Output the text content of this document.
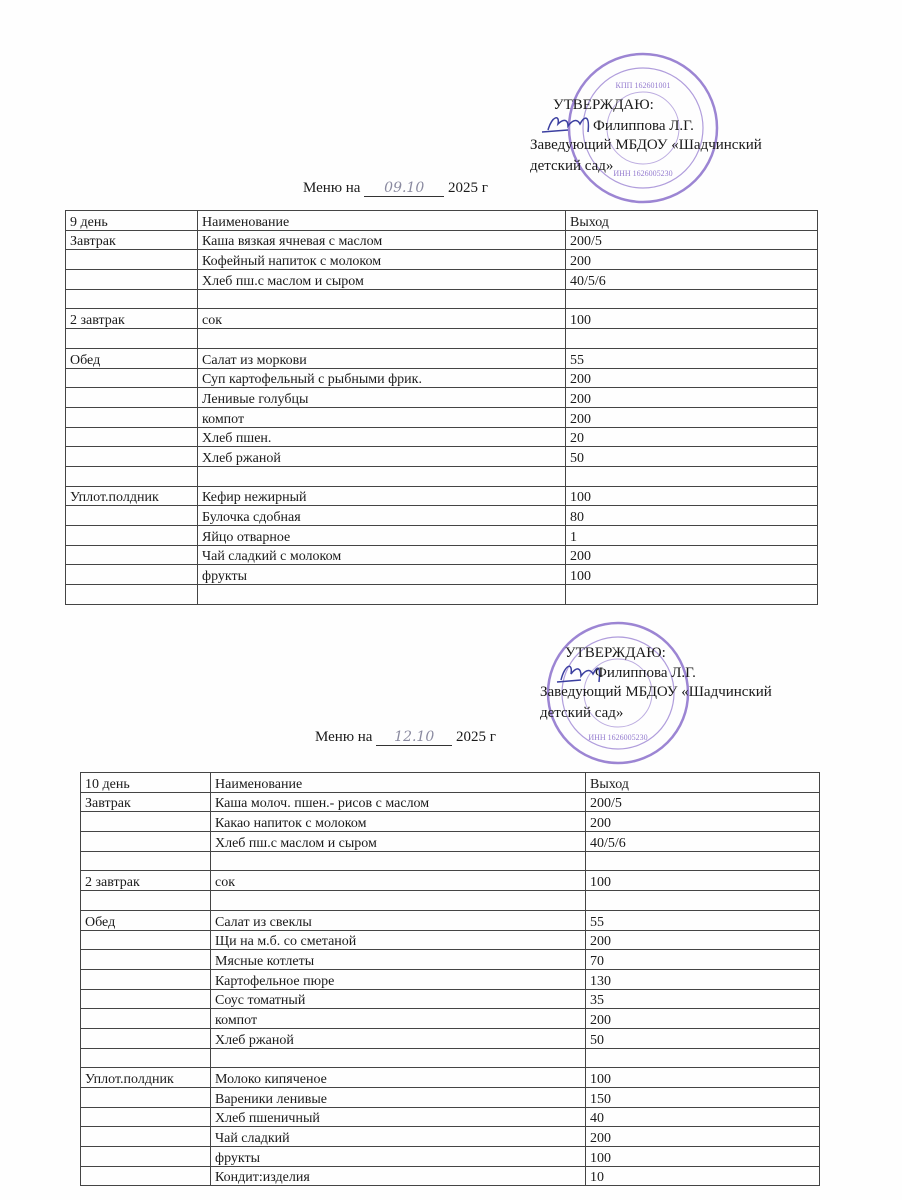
КПП 162601001
ИНН 1626005230
ИНН 1626005230
УТВЕРЖДАЮ:
Филиппова Л.Г.
Заведующий МБДОУ «Шадчинский
детский сад»
Меню на 09.10 2025 г
9 день	Наименование	Выход
Завтрак	Каша вязкая ячневая с маслом	200/5
	Кофейный напиток с молоком	200
	Хлеб пш.с маслом и сыром	40/5/6

2 завтрак	сок	100

Обед	Салат из моркови	55
	Суп картофельный с рыбными фрик.	200
	Ленивые голубцы	200
	компот	200
	Хлеб пшен.	20
	Хлеб ржаной	50

Уплот.полдник	Кефир нежирный	100
	Булочка сдобная	80
	Яйцо отварное	1
	Чай сладкий с молоком	200
	фрукты	100

УТВЕРЖДАЮ:
Филиппова Л.Г.
Заведующий МБДОУ «Шадчинский
детский сад»
Меню на 12.10 2025 г
10 день	Наименование	Выход
Завтрак	Каша молоч. пшен.- рисов с маслом	200/5
	Какао напиток с молоком	200
	Хлеб пш.с маслом и сыром	40/5/6

2 завтрак	сок	100

Обед	Салат из свеклы	55
	Щи на м.б. со сметаной	200
	Мясные котлеты	70
	Картофельное пюре	130
	Соус томатный	35
	компот	200
	Хлеб ржаной	50

Уплот.полдник	Молоко кипяченое	100
	Вареники ленивые	150
	Хлеб пшеничный	40
	Чай сладкий	200
	фрукты	100
	Кондит:изделия	10
